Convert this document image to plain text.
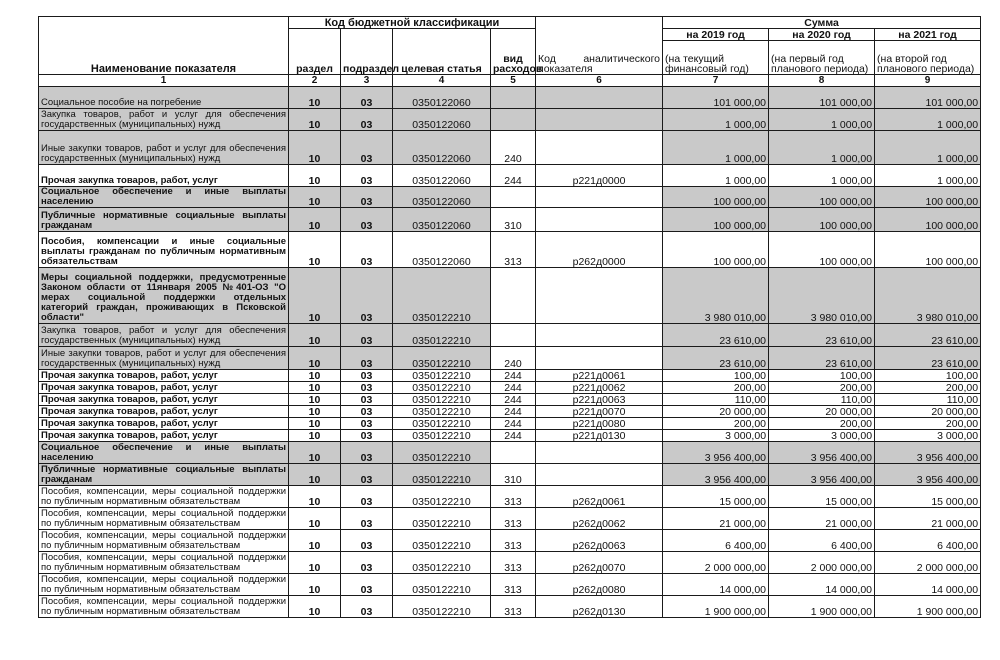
Наименование показателя	Код бюджетной классификации				Код аналитического показателя	Сумма		
	раздел	подраздел	целевая статья	вид расходов		на 2019 год	на 2020 год	на 2021 год
						(на текущий финансовый год)	(на первый год планового периода)	(на второй год планового периода)
1	2	3	4	5	6	7	8	9
Социальное пособие на погребение	10	03	0350122060			101 000,00	101 000,00	101 000,00
Закупка товаров, работ и услуг для обеспечения государственных (муниципальных) нужд	10	03	0350122060			1 000,00	1 000,00	1 000,00
Иные закупки товаров, работ и услуг для обеспечения государственных (муниципальных) нужд	10	03	0350122060	240		1 000,00	1 000,00	1 000,00
Прочая закупка товаров, работ, услуг	10	03	0350122060	244	р221д0000	1 000,00	1 000,00	1 000,00
Социальное обеспечение и иные выплаты населению	10	03	0350122060			100 000,00	100 000,00	100 000,00
Публичные нормативные социальные выплаты гражданам	10	03	0350122060	310		100 000,00	100 000,00	100 000,00
Пособия, компенсации и иные социальные выплаты гражданам по публичным нормативным обязательствам	10	03	0350122060	313	р262д0000	100 000,00	100 000,00	100 000,00
Меры социальной поддержки, предусмотренные Законом области от 11января 2005 №401-ОЗ "О мерах социальной поддержки отдельных категорий граждан, проживающих в Псковской области"	10	03	0350122210			3 980 010,00	3 980 010,00	3 980 010,00
Закупка товаров, работ и услуг для обеспечения государственных (муниципальных) нужд	10	03	0350122210			23 610,00	23 610,00	23 610,00
Иные закупки товаров, работ и услуг для обеспечения государственных (муниципальных) нужд	10	03	0350122210	240		23 610,00	23 610,00	23 610,00
Прочая закупка товаров, работ, услуг	10	03	0350122210	244	р221д0061	100,00	100,00	100,00
Прочая закупка товаров, работ, услуг	10	03	0350122210	244	р221д0062	200,00	200,00	200,00
Прочая закупка товаров, работ, услуг	10	03	0350122210	244	р221д0063	110,00	110,00	110,00
Прочая закупка товаров, работ, услуг	10	03	0350122210	244	р221д0070	20 000,00	20 000,00	20 000,00
Прочая закупка товаров, работ, услуг	10	03	0350122210	244	р221д0080	200,00	200,00	200,00
Прочая закупка товаров, работ, услуг	10	03	0350122210	244	р221д0130	3 000,00	3 000,00	3 000,00
Социальное обеспечение и иные выплаты населению	10	03	0350122210			3 956 400,00	3 956 400,00	3 956 400,00
Публичные нормативные социальные выплаты гражданам	10	03	0350122210	310		3 956 400,00	3 956 400,00	3 956 400,00
Пособия, компенсации, меры социальной поддержки по публичным нормативным обязательствам	10	03	0350122210	313	р262д0061	15 000,00	15 000,00	15 000,00
Пособия, компенсации, меры социальной поддержки по публичным нормативным обязательствам	10	03	0350122210	313	р262д0062	21 000,00	21 000,00	21 000,00
Пособия, компенсации, меры социальной поддержки по публичным нормативным обязательствам	10	03	0350122210	313	р262д0063	6 400,00	6 400,00	6 400,00
Пособия, компенсации, меры социальной поддержки по публичным нормативным обязательствам	10	03	0350122210	313	р262д0070	2 000 000,00	2 000 000,00	2 000 000,00
Пособия, компенсации, меры социальной поддержки по публичным нормативным обязательствам	10	03	0350122210	313	р262д0080	14 000,00	14 000,00	14 000,00
Пособия, компенсации, меры социальной поддержки по публичным нормативным обязательствам	10	03	0350122210	313	р262д0130	1 900 000,00	1 900 000,00	1 900 000,00
